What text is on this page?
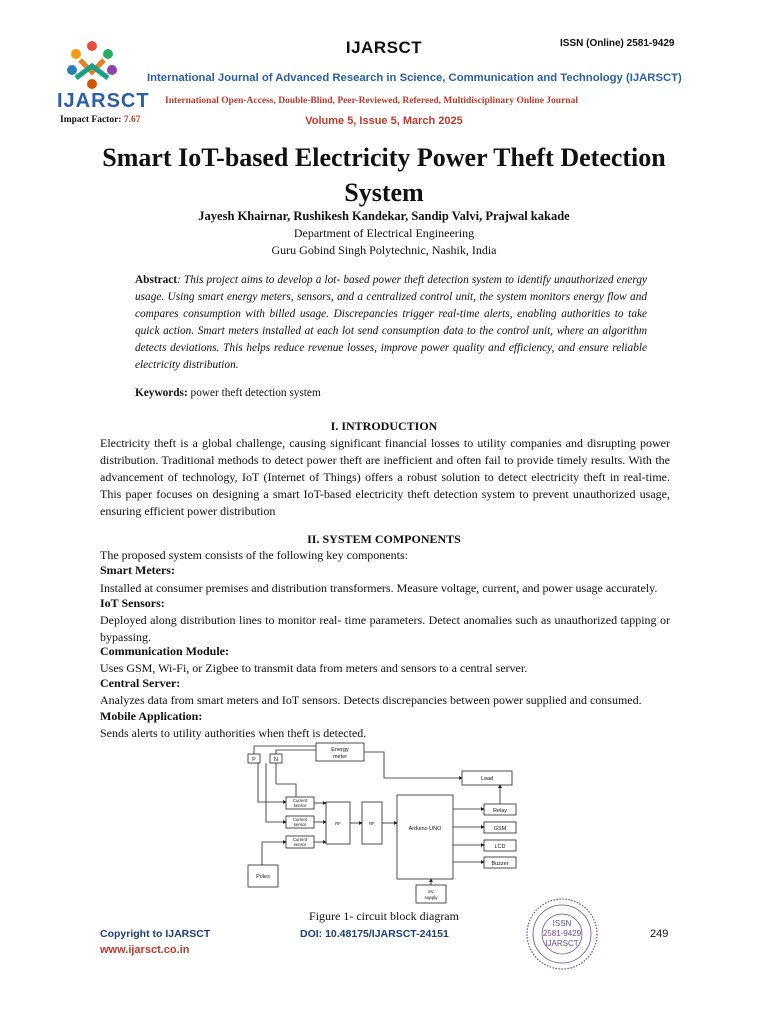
IJARSCT
IJARSCT	ISSN (Online) 2581-9429
International Journal of Advanced Research in Science, Communication and Technology (IJARSCT)
International Open-Access, Double-Blind, Peer-Reviewed, Refereed, Multidisciplinary Online Journal
Impact Factor: 7.67	Volume 5, Issue 5, March 2025
Smart IoT-based Electricity Power Theft Detection System
Jayesh Khairnar, Rushikesh Kandekar, Sandip Valvi, Prajwal kakade
Department of Electrical Engineering
Guru Gobind Singh Polytechnic, Nashik, India
Abstract: This project aims to develop a lot- based power theft detection system to identify unauthorized energy usage. Using smart energy meters, sensors, and a centralized control unit, the system monitors energy flow and compares consumption with billed usage. Discrepancies trigger real-time alerts, enabling authorities to take quick action. Smart meters installed at each lot send consumption data to the control unit, where an algorithm detects deviations. This helps reduce revenue losses, improve power quality and efficiency, and ensure reliable electricity distribution.
Keywords: power theft detection system
I. INTRODUCTION
Electricity theft is a global challenge, causing significant financial losses to utility companies and disrupting power distribution. Traditional methods to detect power theft are inefficient and often fail to provide timely results. With the advancement of technology, IoT (Internet of Things) offers a robust solution to detect electricity theft in real-time. This paper focuses on designing a smart IoT-based electricity theft detection system to prevent unauthorized usage, ensuring efficient power distribution
II. SYSTEM COMPONENTS
The proposed system consists of the following key components:
Smart Meters:
Installed at consumer premises and distribution transformers. Measure voltage, current, and power usage accurately.
IoT Sensors:
Deployed along distribution lines to monitor real- time parameters. Detect anomalies such as unauthorized tapping or bypassing.
Communication Module:
Uses GSM, Wi-Fi, or Zigbee to transmit data from meters and sensors to a central server.
Central Server:
Analyzes data from smart meters and IoT sensors. Detects discrepancies between power supplied and consumed.
Mobile Application:
Sends alerts to utility authorities when theft is detected.
P	N
Energy
meter
Load
Current
sensor
Current
sensor
Current
sensor
RF	RF
Arduino UNO
Relay
GSM
LCD
Buzzer
Poles
5V
supply
Figure 1- circuit block diagram
ISSN
2581-9429
IJARSCT
Copyright to IJARSCT
www.ijarsct.co.in
DOI: 10.48175/IJARSCT-24151	249
